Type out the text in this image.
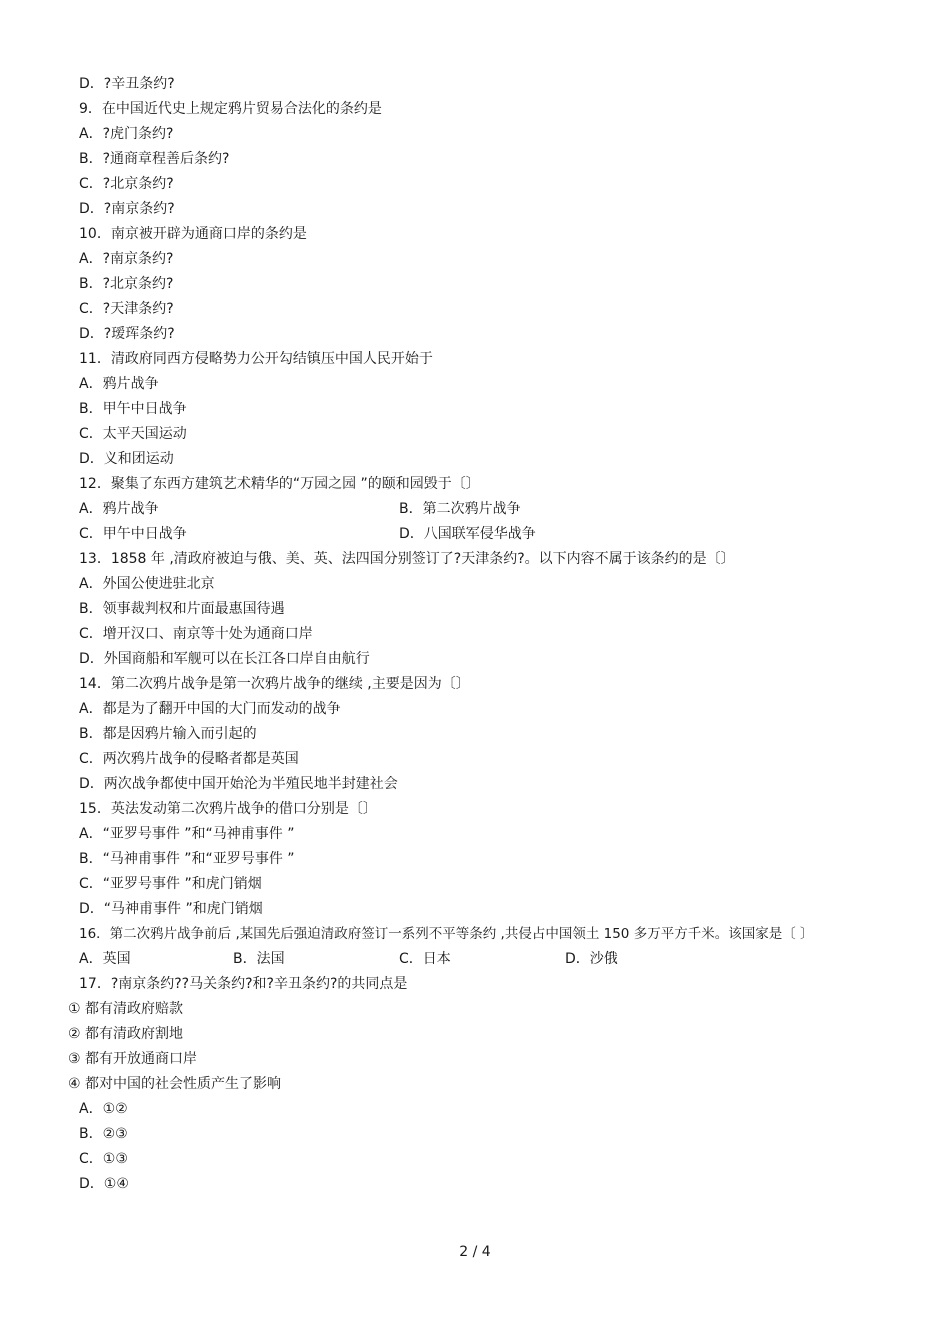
D．?辛丑条约?
9．在中国近代史上规定鸦片贸易合法化的条约是
A．?虎门条约?
B．?通商章程善后条约?
C．?北京条约?
D．?南京条约?
10．南京被开辟为通商口岸的条约是
A．?南京条约?
B．?北京条约?
C．?天津条约?
D．?瑷珲条约?
11．清政府同西方侵略势力公开勾结镇压中国人民开始于
A．鸦片战争
B．甲午中日战争
C．太平天国运动
D．义和团运动
12．聚集了东西方建筑艺术精华的“万园之园 ”的颐和园毁于〔〕
A．鸦片战争	B．第二次鸦片战争
C．甲午中日战争	D．八国联军侵华战争
13．1858 年 ,清政府被迫与俄、美、英、法四国分别签订了?天津条约?。以下内容不属于该条约的是〔〕
A．外国公使进驻北京
B．领事裁判权和片面最惠国待遇
C．增开汉口、南京等十处为通商口岸
D．外国商船和军舰可以在长江各口岸自由航行
14．第二次鸦片战争是第一次鸦片战争的继续 ,主要是因为〔〕
A．都是为了翻开中国的大门而发动的战争
B．都是因鸦片输入而引起的
C．两次鸦片战争的侵略者都是英国
D．两次战争都使中国开始沦为半殖民地半封建社会
15．英法发动第二次鸦片战争的借口分别是〔〕
A．“亚罗号事件 ”和“马神甫事件 ”
B．“马神甫事件 ”和“亚罗号事件 ”
C．“亚罗号事件 ”和虎门销烟
D．“马神甫事件 ”和虎门销烟
16．第二次鸦片战争前后 ,某国先后强迫清政府签订一系列不平等条约 ,共侵占中国领土 150 多万平方千米。该国家是〔 〕
A．英国	B．法国	C．日本	D．沙俄
17．?南京条约??马关条约?和?辛丑条约?的共同点是
① 都有清政府赔款
② 都有清政府割地
③ 都有开放通商口岸
④ 都对中国的社会性质产生了影响
A．①②
B．②③
C．①③
D．①④
2 / 4
